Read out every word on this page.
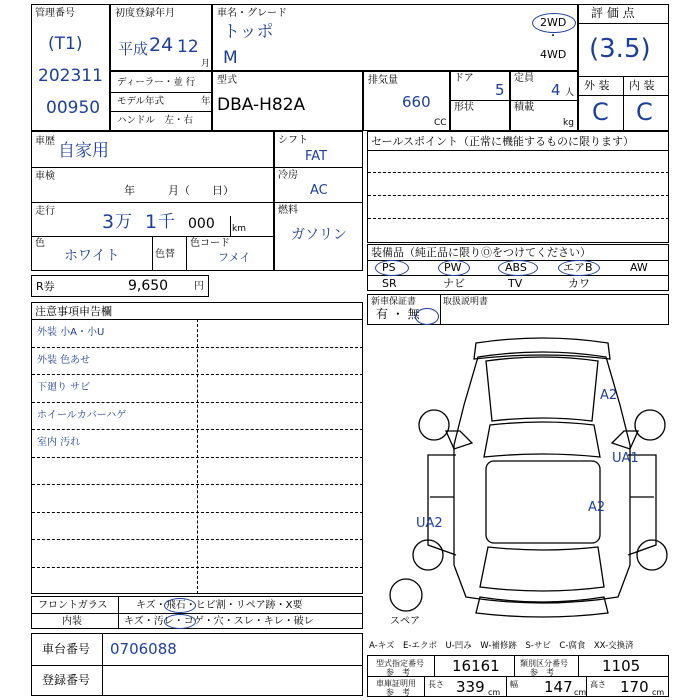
管理番号
(T1)
202311
00950
初度登録年月
平成 24 12
月
車名・グレード
トッポ
M
2WD
・
4WD
評 価 点
(3.5)
外 装 内 装
C C
ディーラー・並 行
モデル年式	年
ハンドル　左・右
型式
DBA-H82A
排気量
660
CC
ドア
5
形状
定員
4 人
積載
kg
車歴 自家用
車検
年　　　月（　　日）
走行 3 万 1 千 000 km
色
ホワイト	色替
色コード
フメイ
シフト
FAT
冷房
AC
燃料
ガソリン
セールスポイント（正常に機能するものに限ります）
装備品（純正品に限りⓄをつけてください）
PS	PW	ABS	エアB	AW
SR	ナビ	TV	カワ
R券	9,650	円
新車保証書
有 ・ 無
取扱説明書
注意事項申告欄
外装 小A・小U
外装 色あせ
下廻り サビ
ホイールカバーハゲ
室内 汚れ
A2
UA1
A2
UA2
スペア
フロントガラス	キズ・飛石・ヒビ割・リペア跡・X要
内装	キズ・汚レ・コゲ・穴・スレ・キレ・破レ
車台番号 0706088
登録番号
A-キズ　E-エクボ　U-凹み　W-補修跡　S-サビ　C-腐食　XX-交換済
型式指定番号
参　考	16161	類別区分番号
参　考	1105
車庫証明用
参　考
長さ 339 cm
幅 147 cm
高さ 170 cm
